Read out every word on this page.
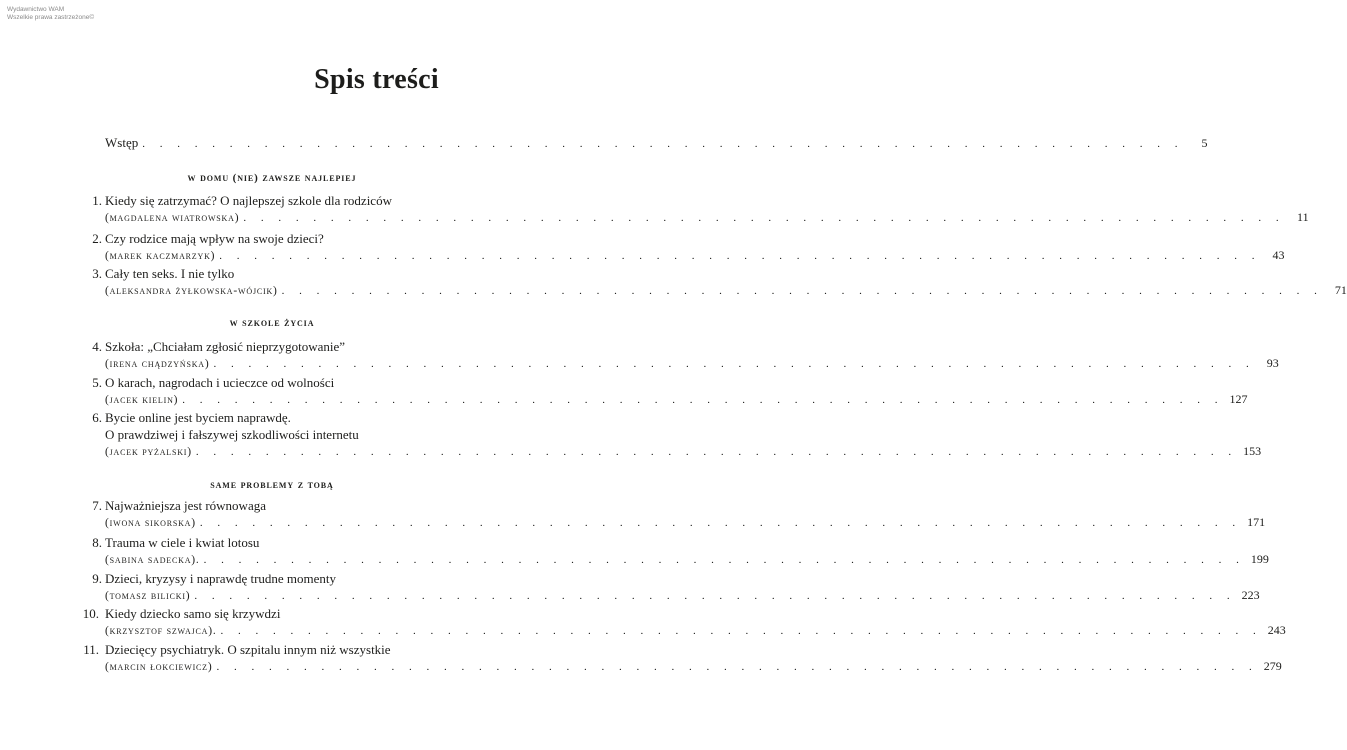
Wydawnictwo WAM
Wszelkie prawa zastrzeżone©
Spis treści
Wstęp . . . . . . . . . . . . . . . . . . . . . . . . . . . . . . . . . . . . . . . . . . . . . . . . . . . . . . . . . . . .	5
w domu (nie) zawsze najlepiej
1. Kiedy się zatrzymać? O najlepszej szkole dla rodziców
(magdalena wiatrowska) . . . . . . . . . . . . . . . . . . . . . . . . . . . . . . . . . . . . . . . . . . . . . . . . . . . . . . . . . . . .	11
2. Czy rodzice mają wpływ na swoje dzieci?
(marek kaczmarzyk) . . . . . . . . . . . . . . . . . . . . . . . . . . . . . . . . . . . . . . . . . . . . . . . . . . . . . . . . . . . .	43
3. Cały ten seks. I nie tylko
(aleksandra żyłkowska-wójcik) . . . . . . . . . . . . . . . . . . . . . . . . . . . . . . . . . . . . . . . . . . . . . . . . . . . . . . . . . . . .	71
w szkole życia
4. Szkoła: „Chciałam zgłosić nieprzygotowanie”
(irena chądzyńska) . . . . . . . . . . . . . . . . . . . . . . . . . . . . . . . . . . . . . . . . . . . . . . . . . . . . . . . . . . . .	93
5. O karach, nagrodach i ucieczce od wolności
(jacek kielin) . . . . . . . . . . . . . . . . . . . . . . . . . . . . . . . . . . . . . . . . . . . . . . . . . . . . . . . . . . . . 127
6. Bycie online jest byciem naprawdę.
O prawdziwej i fałszywej szkodliwości internetu
(jacek pyżalski) . . . . . . . . . . . . . . . . . . . . . . . . . . . . . . . . . . . . . . . . . . . . . . . . . . . . . . . . . . . . 153
same problemy z tobą
7. Najważniejsza jest równowaga
(iwona sikorska) . . . . . . . . . . . . . . . . . . . . . . . . . . . . . . . . . . . . . . . . . . . . . . . . . . . . . . . . . . . . 171
8. Trauma w ciele i kwiat lotosu
(sabina sadecka). . . . . . . . . . . . . . . . . . . . . . . . . . . . . . . . . . . . . . . . . . . . . . . . . . . . . . . . . . . . . 199
9. Dzieci, kryzysy i naprawdę trudne momenty
(tomasz bilicki) . . . . . . . . . . . . . . . . . . . . . . . . . . . . . . . . . . . . . . . . . . . . . . . . . . . . . . . . . . . . 223
10. Kiedy dziecko samo się krzywdzi
(krzysztof szwajca). . . . . . . . . . . . . . . . . . . . . . . . . . . . . . . . . . . . . . . . . . . . . . . . . . . . . . . . . . . . . 243
11. Dziecięcy psychiatryk. O szpitalu innym niż wszystkie
(marcin łokciewicz) . . . . . . . . . . . . . . . . . . . . . . . . . . . . . . . . . . . . . . . . . . . . . . . . . . . . . . . . . . . . 279
